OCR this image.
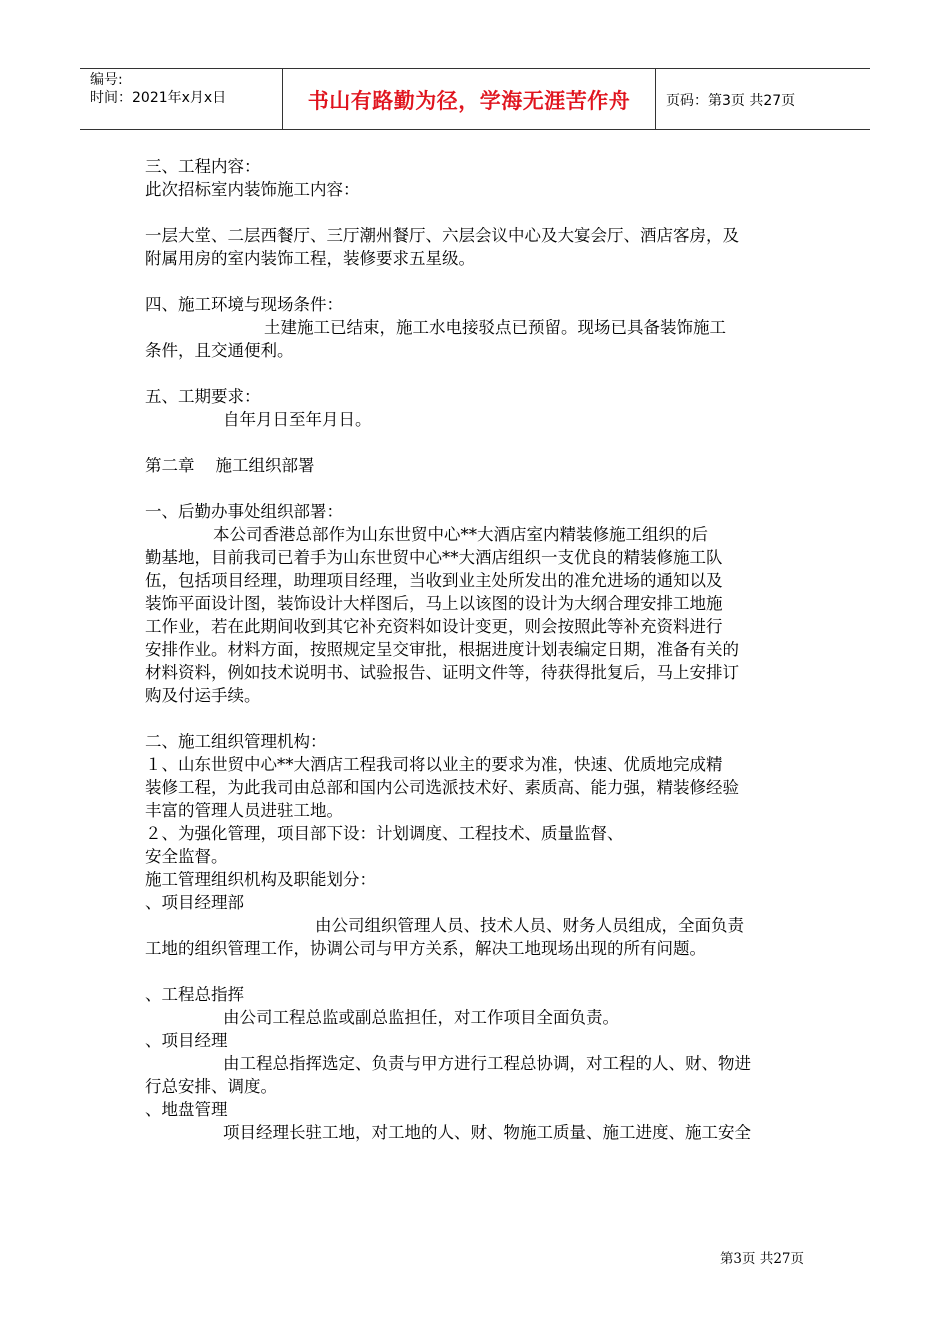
编号:
时间：2021年x月x日	书山有路勤为径，学海无涯苦作舟	页码：第3页 共27页
三、工程内容：
此次招标室内装饰施工内容：
一层大堂、二层西餐厅、三厅潮州餐厅、六层会议中心及大宴会厅、酒店客房，及
附属用房的室内装饰工程，装修要求五星级。
四、施工环境与现场条件：
土建施工已结束，施工水电接驳点已预留。现场已具备装饰施工
条件，且交通便利。
五、工期要求：
自年月日至年月日。
第二章    施工组织部署
一、后勤办事处组织部署：
本公司香港总部作为山东世贸中心**大酒店室内精装修施工组织的后
勤基地，目前我司已着手为山东世贸中心**大酒店组织一支优良的精装修施工队
伍，包括项目经理，助理项目经理，当收到业主处所发出的准允进场的通知以及
装饰平面设计图，装饰设计大样图后，马上以该图的设计为大纲合理安排工地施
工作业，若在此期间收到其它补充资料如设计变更，则会按照此等补充资料进行
安排作业。材料方面，按照规定呈交审批，根据进度计划表编定日期，准备有关的
材料资料，例如技术说明书、试验报告、证明文件等，待获得批复后，马上安排订
购及付运手续。
二、施工组织管理机构：
１、山东世贸中心**大酒店工程我司将以业主的要求为准，快速、优质地完成精
装修工程，为此我司由总部和国内公司选派技术好、素质高、能力强，精装修经验
丰富的管理人员进驻工地。
２、为强化管理，项目部下设：计划调度、工程技术、质量监督、
安全监督。
施工管理组织机构及职能划分：
、项目经理部
由公司组织管理人员、技术人员、财务人员组成，全面负责
工地的组织管理工作，协调公司与甲方关系，解决工地现场出现的所有问题。
、工程总指挥
由公司工程总监或副总监担任，对工作项目全面负责。
、项目经理
由工程总指挥选定、负责与甲方进行工程总协调，对工程的人、财、物进
行总安排、调度。
、地盘管理
项目经理长驻工地，对工地的人、财、物施工质量、施工进度、施工安全
第3页 共27页
